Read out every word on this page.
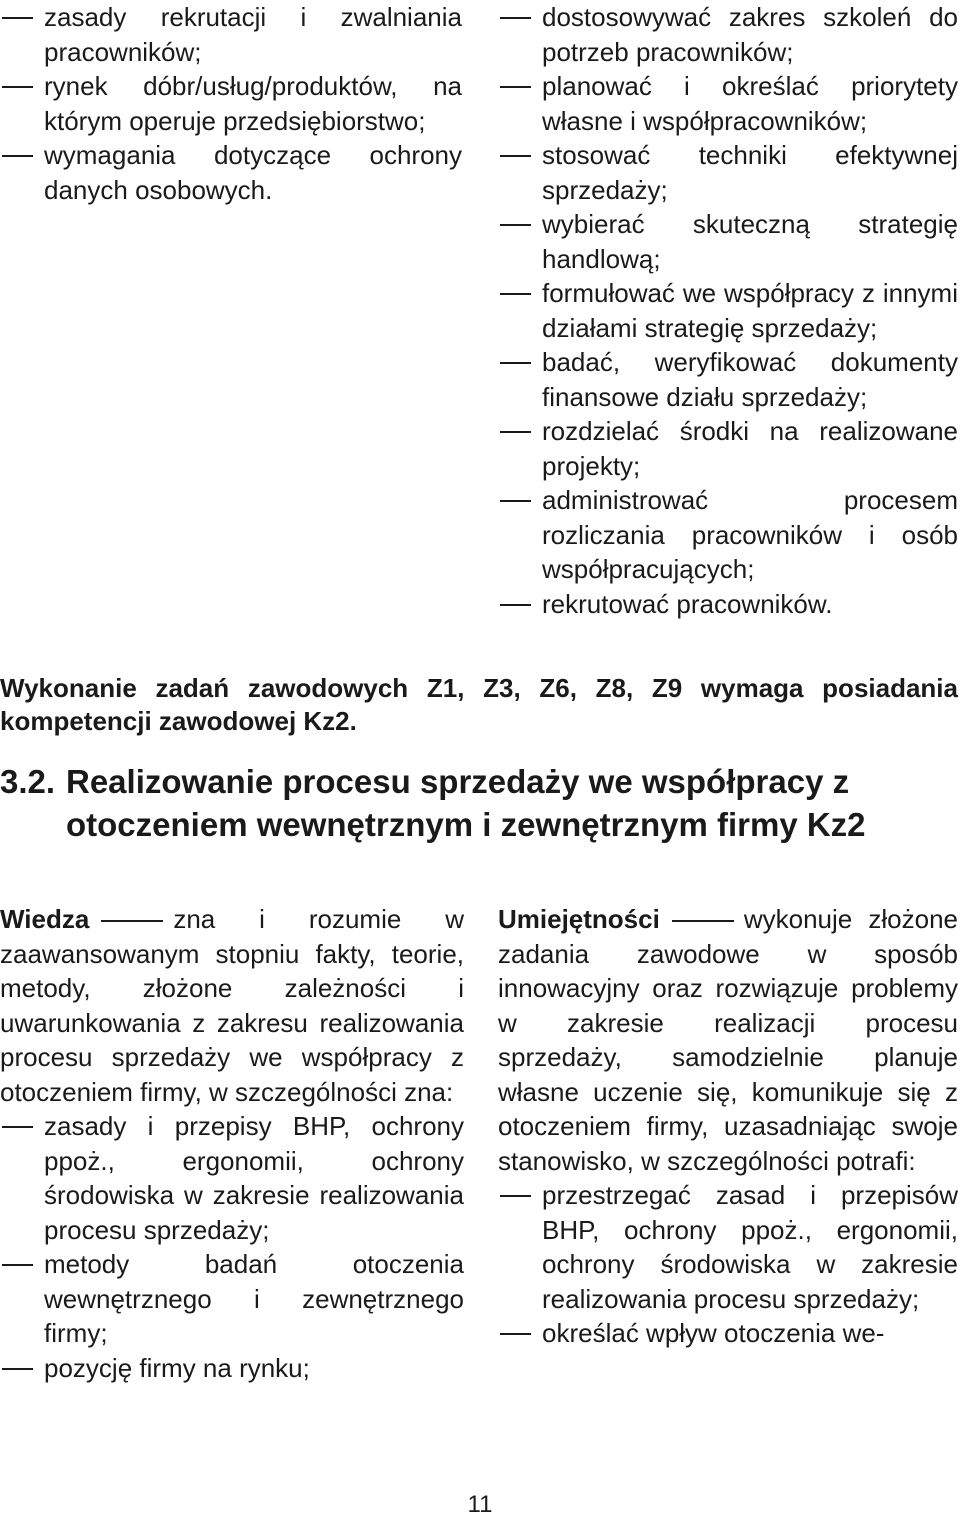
zasady rekrutacji i zwalniania pracowników;

rynek dóbr/usług/produktów, na którym operuje przedsiębiorstwo;

wymagania dotyczące ochrony danych osobowych.

dostosowywać zakres szkoleń do potrzeb pracowników;

planować i określać priorytety własne i współpracowników;

stosować techniki efektywnej sprzedaży;

wybierać skuteczną strategię handlową;

formułować we współpracy z innymi działami strategię sprzedaży;

badać, weryfikować dokumenty finansowe działu sprzedaży;

rozdzielać środki na realizowane projekty;

administrować procesem rozliczania pracowników i osób współpracujących;

rekrutować pracowników.

Wykonanie zadań zawodowych Z1, Z3, Z6, Z8, Z9 wymaga posiadania kompetencji zawodowej Kz2.

3.2. Realizowanie procesu sprzedaży we współpracy z otoczeniem wewnętrznym i zewnętrznym firmy Kz2

Wiedza	zna i rozumie w zaawansowanym stopniu fakty, teorie, metody, złożone zależności i uwarunkowania z zakresu realizowania procesu sprzedaży we współpracy z otoczeniem firmy, w szczególności zna:

zasady i przepisy BHP, ochrony ppoż., ergonomii, ochrony środowiska w zakresie realizowania procesu sprzedaży;

metody badań otoczenia wewnętrznego i zewnętrznego firmy;

pozycję firmy na rynku;

Umiejętności	wykonuje złożone zadania zawodowe w sposób innowacyjny oraz rozwiązuje problemy w zakresie realizacji procesu sprzedaży, samodzielnie planuje własne uczenie się, komunikuje się z otoczeniem firmy, uzasadniając swoje stanowisko, w szczególności potrafi:

przestrzegać zasad i przepisów BHP, ochrony ppoż., ergonomii, ochrony środowiska w zakresie realizowania procesu sprzedaży;

określać wpływ otoczenia we-

11
